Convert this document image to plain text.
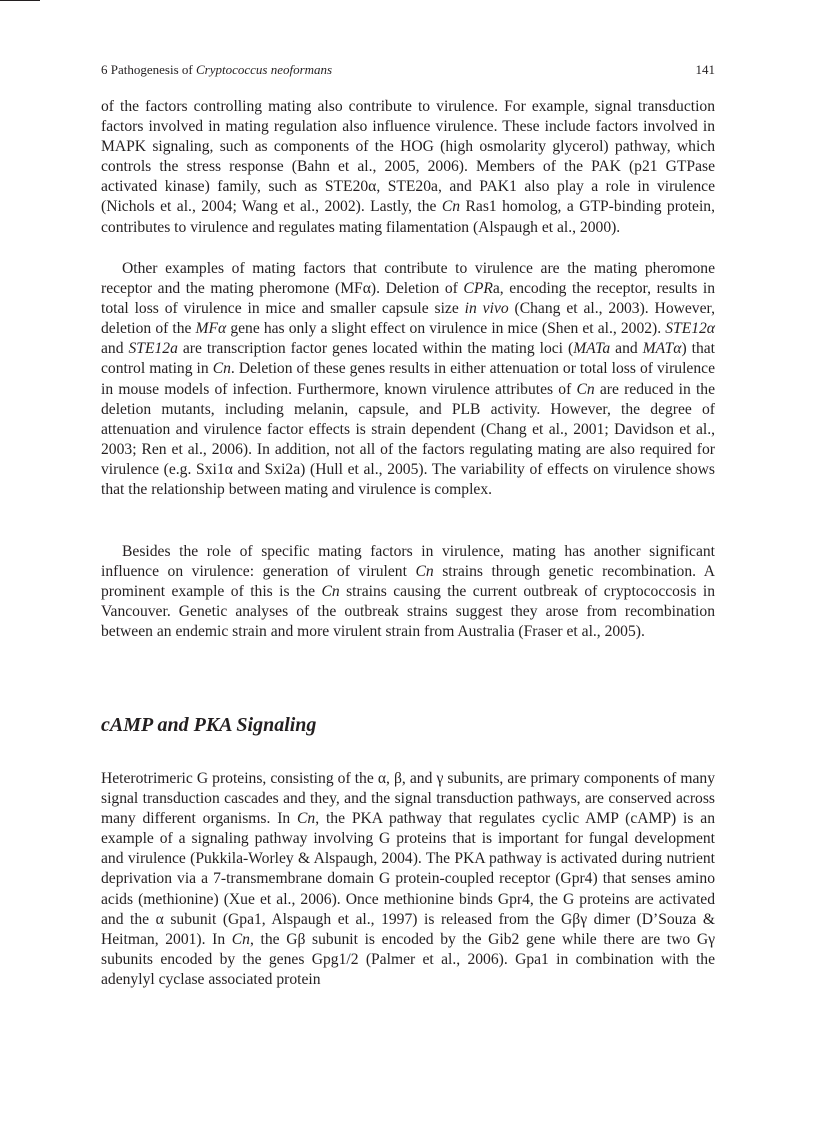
6 Pathogenesis of Cryptococcus neoformans	141

of the factors controlling mating also contribute to virulence. For example, signal transduction factors involved in mating regulation also influence virulence. These include factors involved in MAPK signaling, such as components of the HOG (high osmolarity glycerol) pathway, which controls the stress response (Bahn et al., 2005, 2006). Members of the PAK (p21 GTPase activated kinase) family, such as STE20α, STE20a, and PAK1 also play a role in virulence (Nichols et al., 2004; Wang et al., 2002). Lastly, the Cn Ras1 homolog, a GTP-binding protein, contributes to virulence and regulates mating filamentation (Alspaugh et al., 2000).

Other examples of mating factors that contribute to virulence are the mating pheromone receptor and the mating pheromone (MFα). Deletion of CPRa, encoding the receptor, results in total loss of virulence in mice and smaller capsule size in vivo (Chang et al., 2003). However, deletion of the MFα gene has only a slight effect on virulence in mice (Shen et al., 2002). STE12α and STE12a are transcription factor genes located within the mating loci (MATa and MATα) that control mating in Cn. Deletion of these genes results in either attenuation or total loss of virulence in mouse models of infection. Furthermore, known virulence attributes of Cn are reduced in the deletion mutants, including melanin, capsule, and PLB activity. However, the degree of attenuation and virulence factor effects is strain dependent (Chang et al., 2001; Davidson et al., 2003; Ren et al., 2006). In addition, not all of the factors regulating mating are also required for virulence (e.g. Sxi1α and Sxi2a) (Hull et al., 2005). The variability of effects on virulence shows that the relationship between mating and virulence is complex.

Besides the role of specific mating factors in virulence, mating has another significant influence on virulence: generation of virulent Cn strains through genetic recombination. A prominent example of this is the Cn strains causing the current outbreak of cryptococcosis in Vancouver. Genetic analyses of the outbreak strains suggest they arose from recombination between an endemic strain and more virulent strain from Australia (Fraser et al., 2005).

cAMP and PKA Signaling

Heterotrimeric G proteins, consisting of the α, β, and γ subunits, are primary components of many signal transduction cascades and they, and the signal transduction pathways, are conserved across many different organisms. In Cn, the PKA pathway that regulates cyclic AMP (cAMP) is an example of a signaling pathway involving G proteins that is important for fungal development and virulence (Pukkila-Worley & Alspaugh, 2004). The PKA pathway is activated during nutrient deprivation via a 7-transmembrane domain G protein-coupled receptor (Gpr4) that senses amino acids (methionine) (Xue et al., 2006). Once methionine binds Gpr4, the G proteins are activated and the α subunit (Gpa1, Alspaugh et al., 1997) is released from the Gβγ dimer (D’Souza & Heitman, 2001). In Cn, the Gβ subunit is encoded by the Gib2 gene while there are two Gγ subunits encoded by the genes Gpg1/2 (Palmer et al., 2006). Gpa1 in combination with the adenylyl cyclase associated protein
